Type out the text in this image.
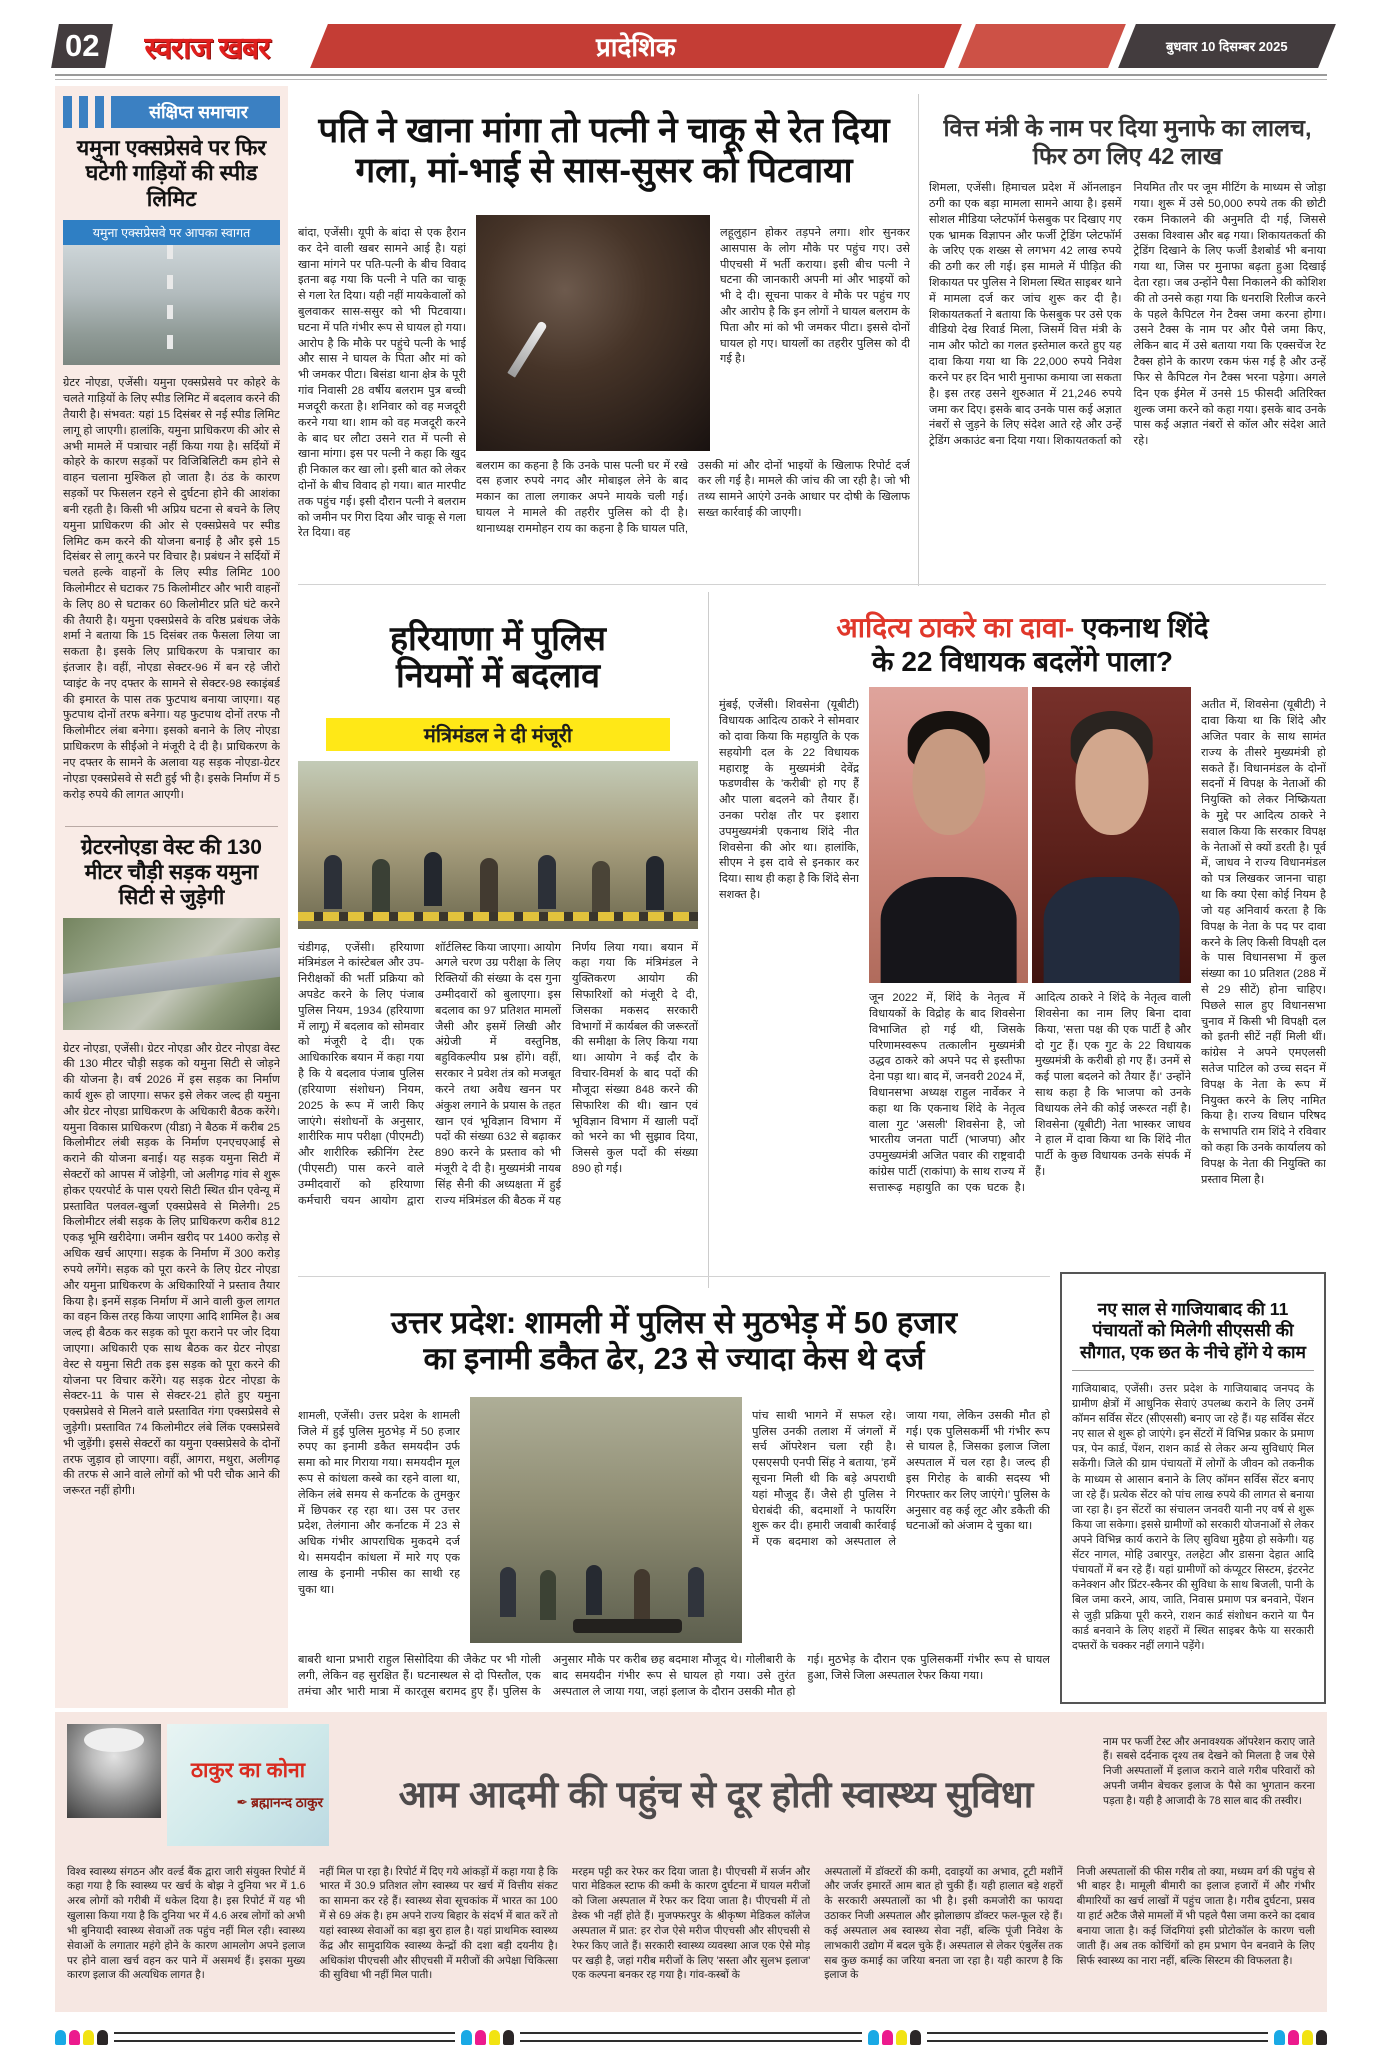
02	स्वराज खबर	प्रादेशिक	बुधवार 10 दिसम्बर 2025
संक्षिप्त समाचार
यमुना एक्सप्रेसवे पर फिर घटेगी गाड़ियों की स्पीड लिमिट
यमुना एक्सप्रेसवे पर आपका स्वागत

ग्रेटर नोएडा, एजेंसी। यमुना एक्सप्रेसवे पर कोहरे के चलते गाड़ियों के लिए स्पीड लिमिट में बदलाव करने की तैयारी है। संभवत: यहां 15 दिसंबर से नई स्पीड लिमिट लागू हो जाएगी। हालांकि, यमुना प्राधिकरण की ओर से अभी मामले में पत्राचार नहीं किया गया है। सर्दियों में कोहरे के कारण सड़कों पर विजिबिलिटी कम होने से वाहन चलाना मुश्किल हो जाता है। ठंड के कारण सड़कों पर फिसलन रहने से दुर्घटना होने की आशंका बनी रहती है। किसी भी अप्रिय घटना से बचने के लिए यमुना प्राधिकरण की ओर से एक्सप्रेसवे पर स्पीड लिमिट कम करने की योजना बनाई है और इसे 15 दिसंबर से लागू करने पर विचार है। प्रबंधन ने सर्दियों में चलते हल्के वाहनों के लिए स्पीड लिमिट 100 किलोमीटर से घटाकर 75 किलोमीटर और भारी वाहनों के लिए 80 से घटाकर 60 किलोमीटर प्रति घंटे करने की तैयारी है। यमुना एक्सप्रेसवे के वरिष्ठ प्रबंधक जेके शर्मा ने बताया कि 15 दिसंबर तक फैसला लिया जा सकता है। इसके लिए प्राधिकरण के पत्राचार का इंतजार है। वहीं, नोएडा सेक्टर-96 में बन रहे जीरो प्वाइंट के नए दफ्तर के सामने से सेक्टर-98 स्काइंबर्ड की इमारत के पास तक फुटपाथ बनाया जाएगा। यह फुटपाथ दोनों तरफ बनेगा। यह फुटपाथ दोनों तरफ नौ किलोमीटर लंबा बनेगा। इसको बनाने के लिए नोएडा प्राधिकरण के सीईओ ने मंजूरी दे दी है। प्राधिकरण के नए दफ्तर के सामने के अलावा यह सड़क नोएडा-ग्रेटर नोएडा एक्सप्रेसवे से सटी हुई भी है। इसके निर्माण में 5 करोड़ रुपये की लागत आएगी।

ग्रेटरनोएडा वेस्ट की 130 मीटर चौड़ी सड़क यमुना सिटी से जुड़ेगी

ग्रेटर नोएडा, एजेंसी। ग्रेटर नोएडा और ग्रेटर नोएडा वेस्ट की 130 मीटर चौड़ी सड़क को यमुना सिटी से जोड़ने की योजना है। वर्ष 2026 में इस सड़क का निर्माण कार्य शुरू हो जाएगा। सफर इसे लेकर जल्द ही यमुना और ग्रेटर नोएडा प्राधिकरण के अधिकारी बैठक करेंगे। यमुना विकास प्राधिकरण (यीडा) ने बैठक में करीब 25 किलोमीटर लंबी सड़क के निर्माण एनएचएआई से कराने की योजना बनाई। यह सड़क यमुना सिटी में सेक्टरों को आपस में जोड़ेगी, जो अलीगढ़ गांव से शुरू होकर एयरपोर्ट के पास एयरो सिटी स्थित ग्रीन एवेन्यू में प्रस्तावित पलवल-खुर्जा एक्सप्रेसवे से मिलेगी। 25 किलोमीटर लंबी सड़क के लिए प्राधिकरण करीब 812 एकड़ भूमि खरीदेगा। जमीन खरीद पर 1400 करोड़ से अधिक खर्च आएगा। सड़क के निर्माण में 300 करोड़ रुपये लगेंगे। सड़क को पूरा करने के लिए ग्रेटर नोएडा और यमुना प्राधिकरण के अधिकारियों ने प्रस्ताव तैयार किया है। इनमें सड़क निर्माण में आने वाली कुल लागत का वहन किस तरह किया जाएगा आदि शामिल है। अब जल्द ही बैठक कर सड़क को पूरा कराने पर जोर दिया जाएगा। अधिकारी एक साथ बैठक कर ग्रेटर नोएडा वेस्ट से यमुना सिटी तक इस सड़क को पूरा करने की योजना पर विचार करेंगे। यह सड़क ग्रेटर नोएडा के सेक्टर-11 के पास से सेक्टर-21 होते हुए यमुना एक्सप्रेसवे से मिलने वाले प्रस्तावित गंगा एक्सप्रेसवे से जुड़ेगी। प्रस्तावित 74 किलोमीटर लंबे लिंक एक्सप्रेसवे भी जुड़ेंगी। इससे सेक्टरों का यमुना एक्सप्रेसवे के दोनों तरफ जुड़ाव हो जाएगा। वहीं, आगरा, मथुरा, अलीगढ़ की तरफ से आने वाले लोगों को भी परी चौक आने की जरूरत नहीं होगी।

पति ने खाना मांगा तो पत्नी ने चाकू से रेत दिया
गला, मां-भाई से सास-सुसर को पिटवाया

बांदा, एजेंसी। यूपी के बांदा से एक हैरान कर देने वाली खबर सामने आई है। यहां खाना मांगने पर पति-पत्नी के बीच विवाद इतना बढ़ गया कि पत्नी ने पति का चाकू से गला रेत दिया। यही नहीं मायकेवालों को बुलवाकर सास-ससुर को भी पिटवाया। घटना में पति गंभीर रूप से घायल हो गया। आरोप है कि मौके पर पहुंचे पत्नी के भाई और सास ने घायल के पिता और मां को भी जमकर पीटा। बिसंडा थाना क्षेत्र के पूरी गांव निवासी 28 वर्षीय बलराम पुत्र बच्ची मजदूरी करता है। शनिवार को वह मजदूरी करने गया था। शाम को वह मजदूरी करने के बाद घर लौटा उसने रात में पत्नी से खाना मांगा। इस पर पत्नी ने कहा कि खुद ही निकाल कर खा लो। इसी बात को लेकर दोनों के बीच विवाद हो गया। बात मारपीट तक पहुंच गई। इसी दौरान पत्नी ने बलराम को जमीन पर गिरा दिया और चाकू से गला रेत दिया। वह

लहूलुहान होकर तड़पने लगा। शोर सुनकर आसपास के लोग मौके पर पहुंच गए। उसे पीएचसी में भर्ती कराया। इसी बीच पत्नी ने घटना की जानकारी अपनी मां और भाइयों को भी दे दी। सूचना पाकर वे मौके पर पहुंच गए और आरोप है कि इन लोगों ने घायल बलराम के पिता और मां को भी जमकर पीटा। इससे दोनों घायल हो गए। घायलों का तहरीर पुलिस को दी गई है।

बलराम का कहना है कि उनके पास पत्नी घर में रखे दस हजार रुपये नगद और मोबाइल लेने के बाद मकान का ताला लगाकर अपने मायके चली गई। घायल ने मामले की तहरीर पुलिस को दी है। थानाध्यक्ष राममोहन राय का कहना है कि घायल पति, उसकी मां और दोनों भाइयों के खिलाफ रिपोर्ट दर्ज कर ली गई है। मामले की जांच की जा रही है। जो भी तथ्य सामने आएंगे उनके आधार पर दोषी के खिलाफ सख्त कार्रवाई की जाएगी।

वित्त मंत्री के नाम पर दिया मुनाफे का लालच, फिर ठग लिए 42 लाख

शिमला, एजेंसी। हिमाचल प्रदेश में ऑनलाइन ठगी का एक बड़ा मामला सामने आया है। इसमें सोशल मीडिया प्लेटफॉर्म फेसबुक पर दिखाए गए एक भ्रामक विज्ञापन और फर्जी ट्रेडिंग प्लेटफॉर्म के जरिए एक शख्स से लगभग 42 लाख रुपये की ठगी कर ली गई। इस मामले में पीड़ित की शिकायत पर पुलिस ने शिमला स्थित साइबर थाने में मामला दर्ज कर जांच शुरू कर दी है। शिकायतकर्ता ने बताया कि फेसबुक पर उसे एक वीडियो देख रिवार्ड मिला, जिसमें वित्त मंत्री के नाम और फोटो का गलत इस्तेमाल करते हुए यह दावा किया गया था कि 22,000 रुपये निवेश करने पर हर दिन भारी मुनाफा कमाया जा सकता है। इस तरह उसने शुरुआत में 21,246 रुपये जमा कर दिए। इसके बाद उनके पास कई अज्ञात नंबरों से जुड़ने के लिए संदेश आते रहे और उन्हें ट्रेडिंग अकाउंट बना दिया गया। शिकायतकर्ता को नियमित तौर पर जूम मीटिंग के माध्यम से जोड़ा गया। शुरू में उसे 50,000 रुपये तक की छोटी रकम निकालने की अनुमति दी गई, जिससे उसका विश्वास और बढ़ गया। शिकायतकर्ता की ट्रेडिंग दिखाने के लिए फर्जी डैशबोर्ड भी बनाया गया था, जिस पर मुनाफा बढ़ता हुआ दिखाई देता रहा। जब उन्होंने पैसा निकालने की कोशिश की तो उनसे कहा गया कि धनराशि रिलीज करने के पहले कैपिटल गेन टैक्स जमा करना होगा। उसने टैक्स के नाम पर और पैसे जमा किए, लेकिन बाद में उसे बताया गया कि एक्सचेंज रेट टैक्स होने के कारण रकम फंस गई है और उन्हें फिर से कैपिटल गेन टैक्स भरना पड़ेगा। अगले दिन एक ईमेल में उनसे 15 फीसदी अतिरिक्त शुल्क जमा करने को कहा गया। इसके बाद उनके पास कई अज्ञात नंबरों से कॉल और संदेश आते रहे।

हरियाणा में पुलिस
नियमों में बदलाव
मंत्रिमंडल ने दी मंजूरी

चंडीगढ़, एजेंसी। हरियाणा मंत्रिमंडल ने कांस्टेबल और उप-निरीक्षकों की भर्ती प्रक्रिया को अपडेट करने के लिए पंजाब पुलिस नियम, 1934 (हरियाणा में लागू) में बदलाव को सोमवार को मंजूरी दे दी। एक आधिकारिक बयान में कहा गया है कि ये बदलाव पंजाब पुलिस (हरियाणा संशोधन) नियम, 2025 के रूप में जारी किए जाएंगे। संशोधनों के अनुसार, शारीरिक माप परीक्षा (पीएमटी) और शारीरिक स्क्रीनिंग टेस्ट (पीएसटी) पास करने वाले उम्मीदवारों को हरियाणा कर्मचारी चयन आयोग द्वारा शॉर्टलिस्ट किया जाएगा। आयोग अगले चरण उग्र परीक्षा के लिए रिक्तियों की संख्या के दस गुना उम्मीदवारों को बुलाएगा। इस बदलाव का 97 प्रतिशत मामलों जैसी और इसमें लिखी और अंग्रेजी में वस्तुनिष्ठ, बहुविकल्पीय प्रश्न होंगे। वहीं, सरकार ने प्रवेश तंत्र को मजबूत करने तथा अवैध खनन पर अंकुश लगाने के प्रयास के तहत खान एवं भूविज्ञान विभाग में पदों की संख्या 632 से बढ़ाकर 890 करने के प्रस्ताव को भी मंजूरी दे दी है। मुख्यमंत्री नायब सिंह सैनी की अध्यक्षता में हुई राज्य मंत्रिमंडल की बैठक में यह निर्णय लिया गया। बयान में कहा गया कि मंत्रिमंडल ने युक्तिकरण आयोग की सिफारिशों को मंजूरी दे दी, जिसका मकसद सरकारी विभागों में कार्यबल की जरूरतों की समीक्षा के लिए किया गया था। आयोग ने कई दौर के विचार-विमर्श के बाद पदों की मौजूदा संख्या 848 करने की सिफारिश की थी। खान एवं भूविज्ञान विभाग में खाली पदों को भरने का भी सुझाव दिया, जिससे कुल पदों की संख्या 890 हो गई।

आदित्य ठाकरे का दावा- एकनाथ शिंदे
के 22 विधायक बदलेंगे पाला?

मुंबई, एजेंसी। शिवसेना (यूबीटी) विधायक आदित्य ठाकरे ने सोमवार को दावा किया कि महायुति के एक सहयोगी दल के 22 विधायक महाराष्ट्र के मुख्यमंत्री देवेंद्र फडणवीस के 'करीबी' हो गए हैं और पाला बदलने को तैयार हैं। उनका परोक्ष तौर पर इशारा उपमुख्यमंत्री एकनाथ शिंदे नीत शिवसेना की ओर था। हालांकि, सीएम ने इस दावे से इनकार कर दिया। साथ ही कहा है कि शिंदे सेना सशक्त है।

जून 2022 में, शिंदे के नेतृत्व में विधायकों के विद्रोह के बाद शिवसेना विभाजित हो गई थी, जिसके परिणामस्वरूप तत्कालीन मुख्यमंत्री उद्धव ठाकरे को अपने पद से इस्तीफा देना पड़ा था। बाद में, जनवरी 2024 में, विधानसभा अध्यक्ष राहुल नार्वेकर ने कहा था कि एकनाथ शिंदे के नेतृत्व वाला गुट 'असली' शिवसेना है, जो भारतीय जनता पार्टी (भाजपा) और उपमुख्यमंत्री अजित पवार की राष्ट्रवादी कांग्रेस पार्टी (राकांपा) के साथ राज्य में सत्तारूढ़ महायुति का एक घटक है। आदित्य ठाकरे ने शिंदे के नेतृत्व वाली शिवसेना का नाम लिए बिना दावा किया, 'सत्ता पक्ष की एक पार्टी है और दो गुट हैं। एक गुट के 22 विधायक मुख्यमंत्री के करीबी हो गए हैं। उनमें से कई पाला बदलने को तैयार हैं।' उन्होंने साथ कहा है कि भाजपा को उनके विधायक लेने की कोई जरूरत नहीं है। शिवसेना (यूबीटी) नेता भास्कर जाधव ने हाल में दावा किया था कि शिंदे नीत पार्टी के कुछ विधायक उनके संपर्क में हैं।

अतीत में, शिवसेना (यूबीटी) ने दावा किया था कि शिंदे और अजित पवार के साथ सामंत राज्य के तीसरे मुख्यमंत्री हो सकते हैं। विधानमंडल के दोनों सदनों में विपक्ष के नेताओं की नियुक्ति को लेकर निष्क्रियता के मुद्दे पर आदित्य ठाकरे ने सवाल किया कि सरकार विपक्ष के नेताओं से क्यों डरती है। पूर्व में, जाधव ने राज्य विधानमंडल को पत्र लिखकर जानना चाहा था कि क्या ऐसा कोई नियम है जो यह अनिवार्य करता है कि विपक्ष के नेता के पद पर दावा करने के लिए किसी विपक्षी दल के पास विधानसभा में कुल संख्या का 10 प्रतिशत (288 में से 29 सीटें) होना चाहिए। पिछले साल हुए विधानसभा चुनाव में किसी भी विपक्षी दल को इतनी सीटें नहीं मिली थीं। कांग्रेस ने अपने एमएलसी सतेज पाटिल को उच्च सदन में विपक्ष के नेता के रूप में नियुक्त करने के लिए नामित किया है। राज्य विधान परिषद के सभापति राम शिंदे ने रविवार को कहा कि उनके कार्यालय को विपक्ष के नेता की नियुक्ति का प्रस्ताव मिला है।

उत्तर प्रदेश: शामली में पुलिस से मुठभेड़ में 50 हजार
का इनामी डकैत ढेर, 23 से ज्यादा केस थे दर्ज

शामली, एजेंसी। उत्तर प्रदेश के शामली जिले में हुई पुलिस मुठभेड़ में 50 हजार रुपए का इनामी डकैत समयदीन उर्फ समा को मार गिराया गया। समयदीन मूल रूप से कांधला कस्बे का रहने वाला था, लेकिन लंबे समय से कर्नाटक के तुमकुर में छिपकर रह रहा था। उस पर उत्तर प्रदेश, तेलंगाना और कर्नाटक में 23 से अधिक गंभीर आपराधिक मुकदमे दर्ज थे। समयदीन कांधला में मारे गए एक लाख के इनामी नफीस का साथी रह चुका था।

पांच साथी भागने में सफल रहे। पुलिस उनकी तलाश में जंगलों में सर्च ऑपरेशन चला रही है। एसएसपी एनपी सिंह ने बताया, 'हमें सूचना मिली थी कि बड़े अपराधी यहां मौजूद हैं। जैसे ही पुलिस ने घेराबंदी की, बदमाशों ने फायरिंग शुरू कर दी। हमारी जवाबी कार्रवाई में एक बदमाश को अस्पताल ले जाया गया, लेकिन उसकी मौत हो गई। एक पुलिसकर्मी भी गंभीर रूप से घायल है, जिसका इलाज जिला अस्पताल में चल रहा है। जल्द ही इस गिरोह के बाकी सदस्य भी गिरफ्तार कर लिए जाएंगे।' पुलिस के अनुसार वह कई लूट और डकैती की घटनाओं को अंजाम दे चुका था।

बाबरी थाना प्रभारी राहुल सिसोदिया की जैकेट पर भी गोली लगी, लेकिन वह सुरक्षित हैं। घटनास्थल से दो पिस्तौल, एक तमंचा और भारी मात्रा में कारतूस बरामद हुए हैं। पुलिस के अनुसार मौके पर करीब छह बदमाश मौजूद थे। गोलीबारी के बाद समयदीन गंभीर रूप से घायल हो गया। उसे तुरंत अस्पताल ले जाया गया, जहां इलाज के दौरान उसकी मौत हो गई। मुठभेड़ के दौरान एक पुलिसकर्मी गंभीर रूप से घायल हुआ, जिसे जिला अस्पताल रेफर किया गया।

नए साल से गाजियाबाद की 11 पंचायतों को मिलेगी सीएससी की सौगात, एक छत के नीचे होंगे ये काम

गाजियाबाद, एजेंसी। उत्तर प्रदेश के गाजियाबाद जनपद के ग्रामीण क्षेत्रों में आधुनिक सेवाएं उपलब्ध कराने के लिए उनमें कॉमन सर्विस सेंटर (सीएससी) बनाए जा रहे हैं। यह सर्विस सेंटर नए साल से शुरू हो जाएंगे। इन सेंटरों में विभिन्न प्रकार के प्रमाण पत्र, पेन कार्ड, पेंशन, राशन कार्ड से लेकर अन्य सुविधाएं मिल सकेंगी। जिले की ग्राम पंचायतों में लोगों के जीवन को तकनीक के माध्यम से आसान बनाने के लिए कॉमन सर्विस सेंटर बनाए जा रहे हैं। प्रत्येक सेंटर को पांच लाख रुपये की लागत से बनाया जा रहा है। इन सेंटरों का संचालन जनवरी यानी नए वर्ष से शुरू किया जा सकेगा। इससे ग्रामीणों को सरकारी योजनाओं से लेकर अपने विभिन्न कार्य कराने के लिए सुविधा मुहैया हो सकेगी। यह सेंटर नागल, मोहि उबारपुर, तलहेटा और डासना देहात आदि पंचायतों में बन रहे हैं। यहां ग्रामीणों को कंप्यूटर सिस्टम, इंटरनेट कनेक्शन और प्रिंटर-स्कैनर की सुविधा के साथ बिजली, पानी के बिल जमा करने, आय, जाति, निवास प्रमाण पत्र बनवाने, पेंशन से जुड़ी प्रक्रिया पूरी करने, राशन कार्ड संशोधन कराने या पैन कार्ड बनवाने के लिए शहरों में स्थित साइबर कैफे या सरकारी दफ्तरों के चक्कर नहीं लगाने पड़ेंगे।

ठाकुर का कोना
✒ ब्रह्मानन्द ठाकुर	आम आदमी की पहुंच से दूर होती स्वास्थ्य सुविधा

नाम पर फर्जी टेस्ट और अनावश्यक ऑपरेशन कराए जाते हैं। सबसे दर्दनाक दृश्य तब देखने को मिलता है जब ऐसे निजी अस्पतालों में इलाज कराने वाले गरीब परिवारों को अपनी जमीन बेचकर इलाज के पैसे का भुगतान करना पड़ता है। यही है आजादी के 78 साल बाद की तस्वीर।

विश्व स्वास्थ्य संगठन और वर्ल्ड बैंक द्वारा जारी संयुक्त रिपोर्ट में कहा गया है कि स्वास्थ्य पर खर्च के बोझ ने दुनिया भर में 1.6 अरब लोगों को गरीबी में धकेल दिया है। इस रिपोर्ट में यह भी खुलासा किया गया है कि दुनिया भर में 4.6 अरब लोगों को अभी भी बुनियादी स्वास्थ्य सेवाओं तक पहुंच नहीं मिल रही। स्वास्थ्य सेवाओं के लगातार महंगे होने के कारण आमलोग अपने इलाज पर होने वाला खर्च वहन कर पाने में असमर्थ हैं। इसका मुख्य कारण इलाज की अत्यधिक लागत है।

नहीं मिल पा रहा है। रिपोर्ट में दिए गये आंकड़ों में कहा गया है कि भारत में 30.9 प्रतिशत लोग स्वास्थ्य पर खर्च में वित्तीय संकट का सामना कर रहे हैं। स्वास्थ्य सेवा सूचकांक में भारत का 100 में से 69 अंक है। हम अपने राज्य बिहार के संदर्भ में बात करें तो यहां स्वास्थ्य सेवाओं का बड़ा बुरा हाल है। यहां प्राथमिक स्वास्थ्य केंद्र और सामुदायिक स्वास्थ्य केन्द्रों की दशा बड़ी दयनीय है। अधिकांश पीएचसी और सीएचसी में मरीजों की अपेक्षा चिकित्सा की सुविधा भी नहीं मिल पाती।

मरहम पट्टी कर रेफर कर दिया जाता है। पीएचसी में सर्जन और पारा मेडिकल स्टाफ की कमी के कारण दुर्घटना में घायल मरीजों को जिला अस्पताल में रेफर कर दिया जाता है। पीएचसी में तो डेस्क भी नहीं होते हैं। मुजफ्फरपुर के श्रीकृष्ण मेडिकल कॉलेज अस्पताल में प्रात: हर रोज ऐसे मरीज पीएचसी और सीएचसी से रेफर किए जाते हैं। सरकारी स्वास्थ्य व्यवस्था आज एक ऐसे मोड़ पर खड़ी है, जहां गरीब मरीजों के लिए 'सस्ता और सुलभ इलाज' एक कल्पना बनकर रह गया है। गांव-कस्बों के

अस्पतालों में डॉक्टरों की कमी, दवाइयों का अभाव, टूटी मशीनें और जर्जर इमारतें आम बात हो चुकी हैं। यही हालात बड़े शहरों के सरकारी अस्पतालों का भी है। इसी कमजोरी का फायदा उठाकर निजी अस्पताल और झोलाछाप डॉक्टर फल-फूल रहे हैं। कई अस्पताल अब स्वास्थ्य सेवा नहीं, बल्कि पूंजी निवेश के लाभकारी उद्योग में बदल चुके हैं। अस्पताल से लेकर एंबुलेंस तक सब कुछ कमाई का जरिया बनता जा रहा है। यही कारण है कि इलाज के

निजी अस्पतालों की फीस गरीब तो क्या, मध्यम वर्ग की पहुंच से भी बाहर है। मामूली बीमारी का इलाज हजारों में और गंभीर बीमारियों का खर्च लाखों में पहुंच जाता है। गरीब दुर्घटना, प्रसव या हार्ट अटैक जैसे मामलों में भी पहले पैसा जमा करने का दबाव बनाया जाता है। कई जिंदगियां इसी प्रोटोकॉल के कारण चली जाती हैं। अब तक कोचिंगों को हम प्रभाग पेन बनवाने के लिए सिर्फ स्वास्थ्य का नारा नहीं, बल्कि सिस्टम की विफलता है।
